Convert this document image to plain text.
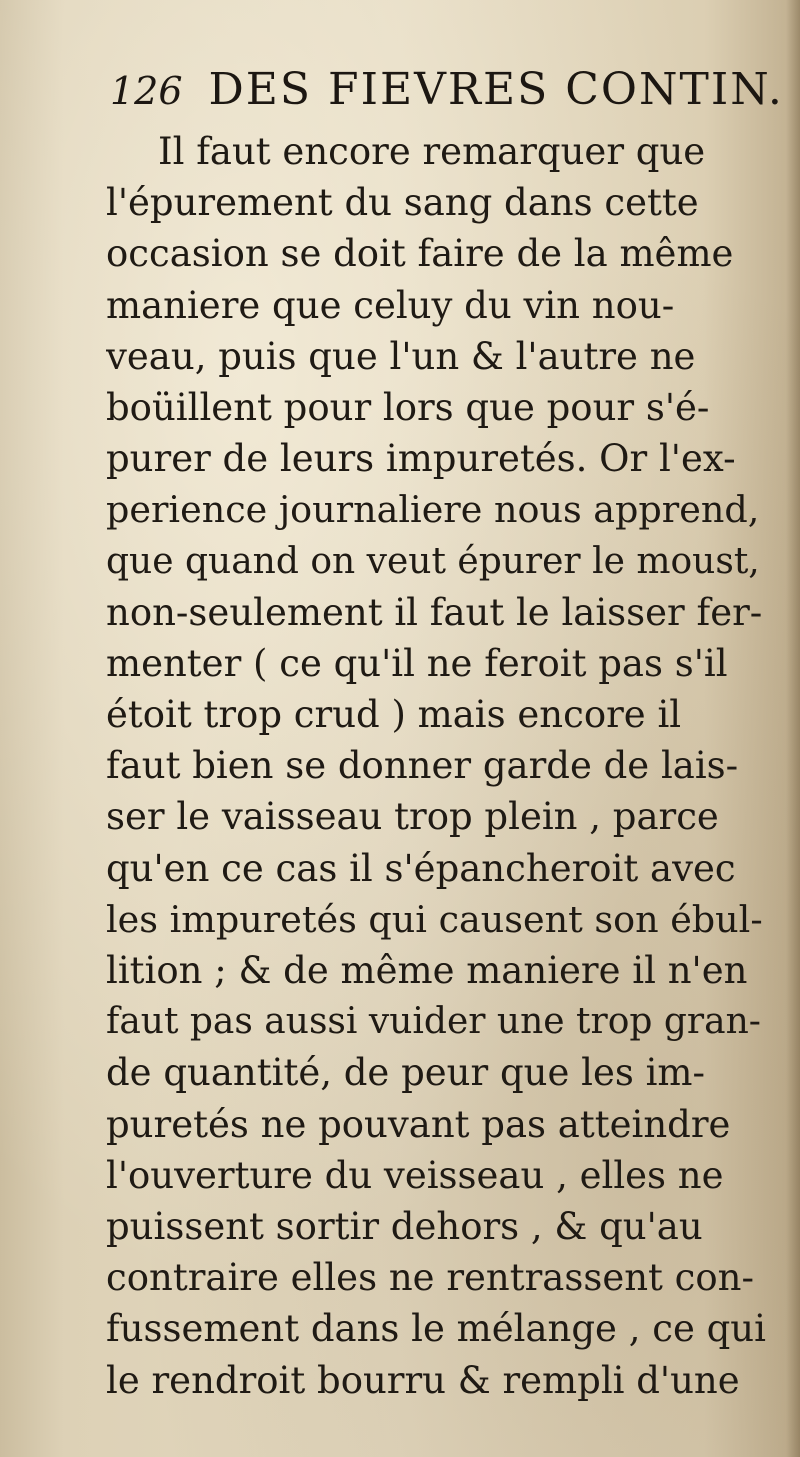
126 DES FIEVRES CONTIN.
Il faut encore remarquer que
l'épurement du sang dans cette
occasion se doit faire de la même
maniere que celuy du vin nou-
veau, puis que l'un & l'autre ne
boüillent pour lors que pour s'é-
purer de leurs impuretés. Or l'ex-
perience journaliere nous apprend,
que quand on veut épurer le moust,
non-seulement il faut le laisser fer-
menter ( ce qu'il ne feroit pas s'il
étoit trop crud ) mais encore il
faut bien se donner garde de lais-
ser le vaisseau trop plein , parce
qu'en ce cas il s'épancheroit avec
les impuretés qui causent son ébul-
lition ; & de même maniere il n'en
faut pas aussi vuider une trop gran-
de quantité, de peur que les im-
puretés ne pouvant pas atteindre
l'ouverture du veisseau , elles ne
puissent sortir dehors , & qu'au
contraire elles ne rentrassent con-
fussement dans le mélange , ce qui
le rendroit bourru & rempli d'une
